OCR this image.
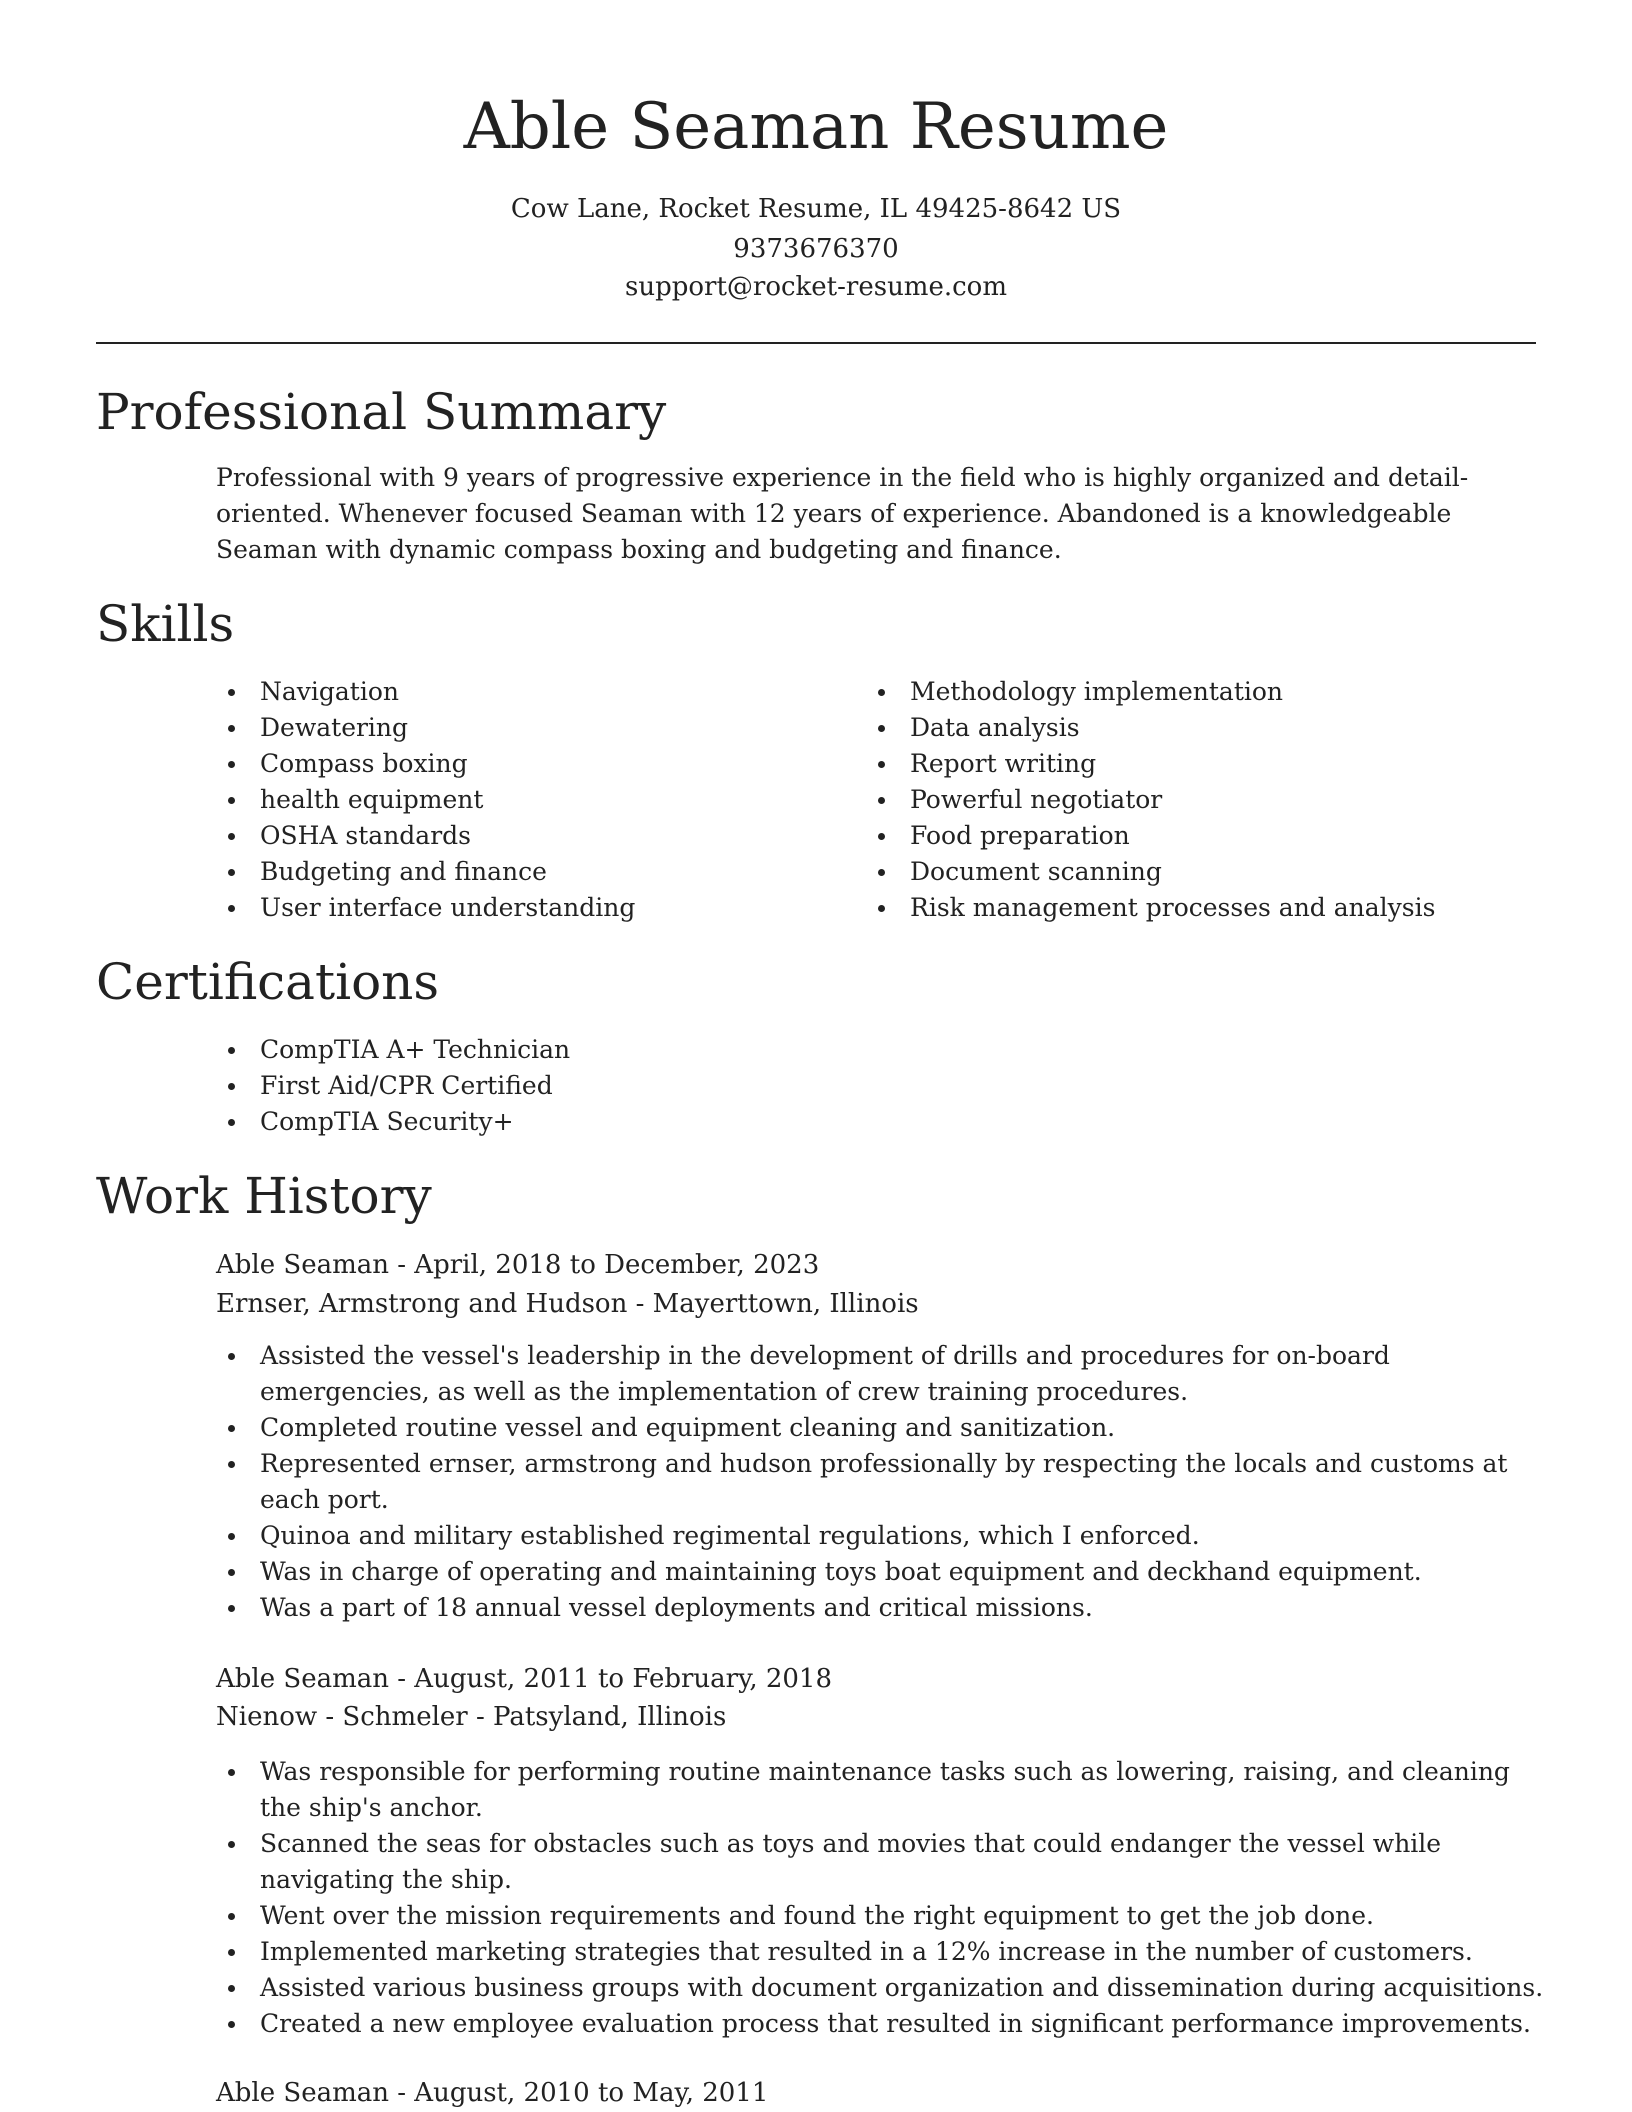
Able Seaman Resume
Cow Lane, Rocket Resume, IL 49425-8642 US
9373676370
support@rocket-resume.com
Professional Summary
Professional with 9 years of progressive experience in the field who is highly organized and detail-oriented. Whenever focused Seaman with 12 years of experience. Abandoned is a knowledgeable Seaman with dynamic compass boxing and budgeting and finance.
Skills
Navigation
Dewatering
Compass boxing
health equipment
OSHA standards
Budgeting and finance
User interface understanding
Methodology implementation
Data analysis
Report writing
Powerful negotiator
Food preparation
Document scanning
Risk management processes and analysis
Certifications
CompTIA A+ Technician
First Aid/CPR Certified
CompTIA Security+
Work History
Able Seaman - April, 2018 to December, 2023
Ernser, Armstrong and Hudson - Mayerttown, Illinois
Assisted the vessel's leadership in the development of drills and procedures for on-board emergencies, as well as the implementation of crew training procedures.
Completed routine vessel and equipment cleaning and sanitization.
Represented ernser, armstrong and hudson professionally by respecting the locals and customs at each port.
Quinoa and military established regimental regulations, which I enforced.
Was in charge of operating and maintaining toys boat equipment and deckhand equipment.
Was a part of 18 annual vessel deployments and critical missions.
Able Seaman - August, 2011 to February, 2018
Nienow - Schmeler - Patsyland, Illinois
Was responsible for performing routine maintenance tasks such as lowering, raising, and cleaning the ship's anchor.
Scanned the seas for obstacles such as toys and movies that could endanger the vessel while navigating the ship.
Went over the mission requirements and found the right equipment to get the job done.
Implemented marketing strategies that resulted in a 12% increase in the number of customers.
Assisted various business groups with document organization and dissemination during acquisitions.
Created a new employee evaluation process that resulted in significant performance improvements.
Able Seaman - August, 2010 to May, 2011
